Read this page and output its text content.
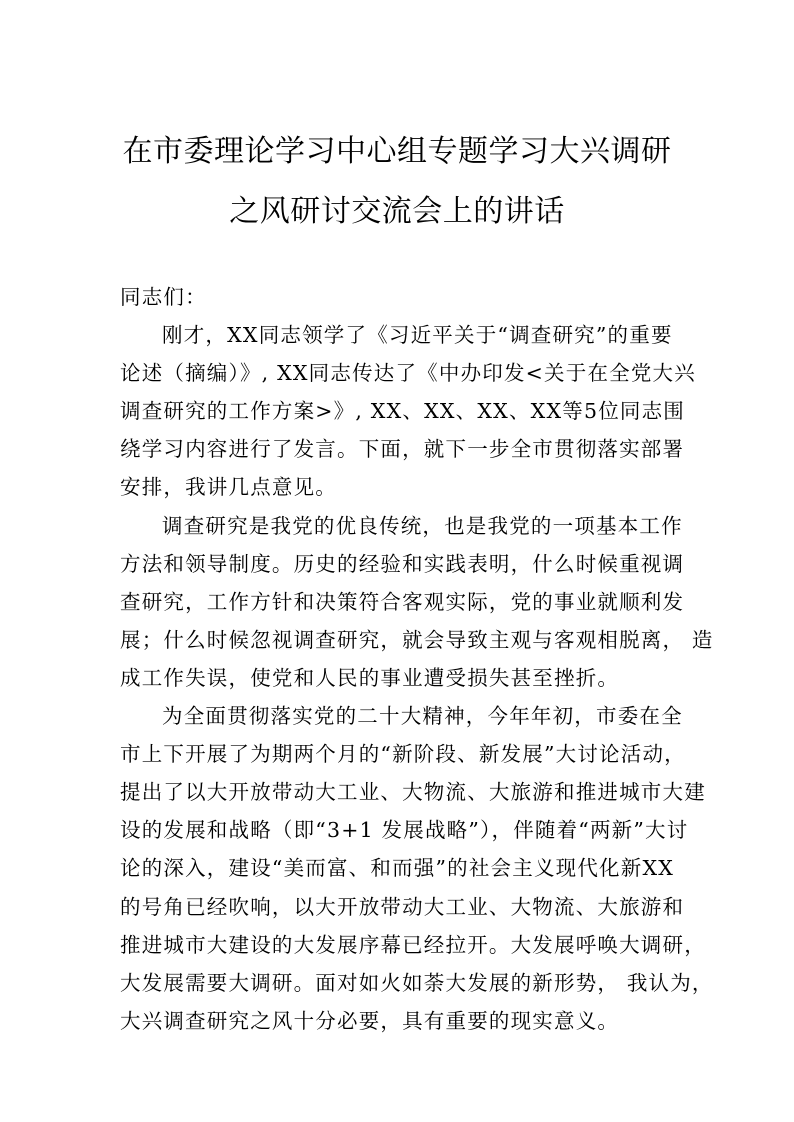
在市委理论学习中心组专题学习大兴调研
之风研讨交流会上的讲话
同志们：
刚才，XX同志领学了《习近平关于“调查研究”的重要
论述（摘编）》, XX同志传达了《中办印发<关于在全党大兴
调查研究的工作方案>》, XX、XX、XX、XX等5位同志围
绕学习内容进行了发言。下面，就下一步全市贯彻落实部署
安排，我讲几点意见。
调查研究是我党的优良传统，也是我党的一项基本工作
方法和领导制度。历史的经验和实践表明，什么时候重视调
查研究，工作方针和决策符合客观实际，党的事业就顺利发
展；什么时候忽视调查研究，就会导致主观与客观相脱离， 造
成工作失误，使党和人民的事业遭受损失甚至挫折。
为全面贯彻落实党的二十大精神，今年年初，市委在全
市上下开展了为期两个月的“新阶段、新发展”大讨论活动，
提出了以大开放带动大工业、大物流、大旅游和推进城市大建
设的发展和战略（即“3+1 发展战略”），伴随着“两新”大讨
论的深入，建设“美而富、和而强”的社会主义现代化新XX
的号角已经吹响，以大开放带动大工业、大物流、大旅游和
推进城市大建设的大发展序幕已经拉开。大发展呼唤大调研，
大发展需要大调研。面对如火如荼大发展的新形势， 我认为，
大兴调查研究之风十分必要，具有重要的现实意义。
